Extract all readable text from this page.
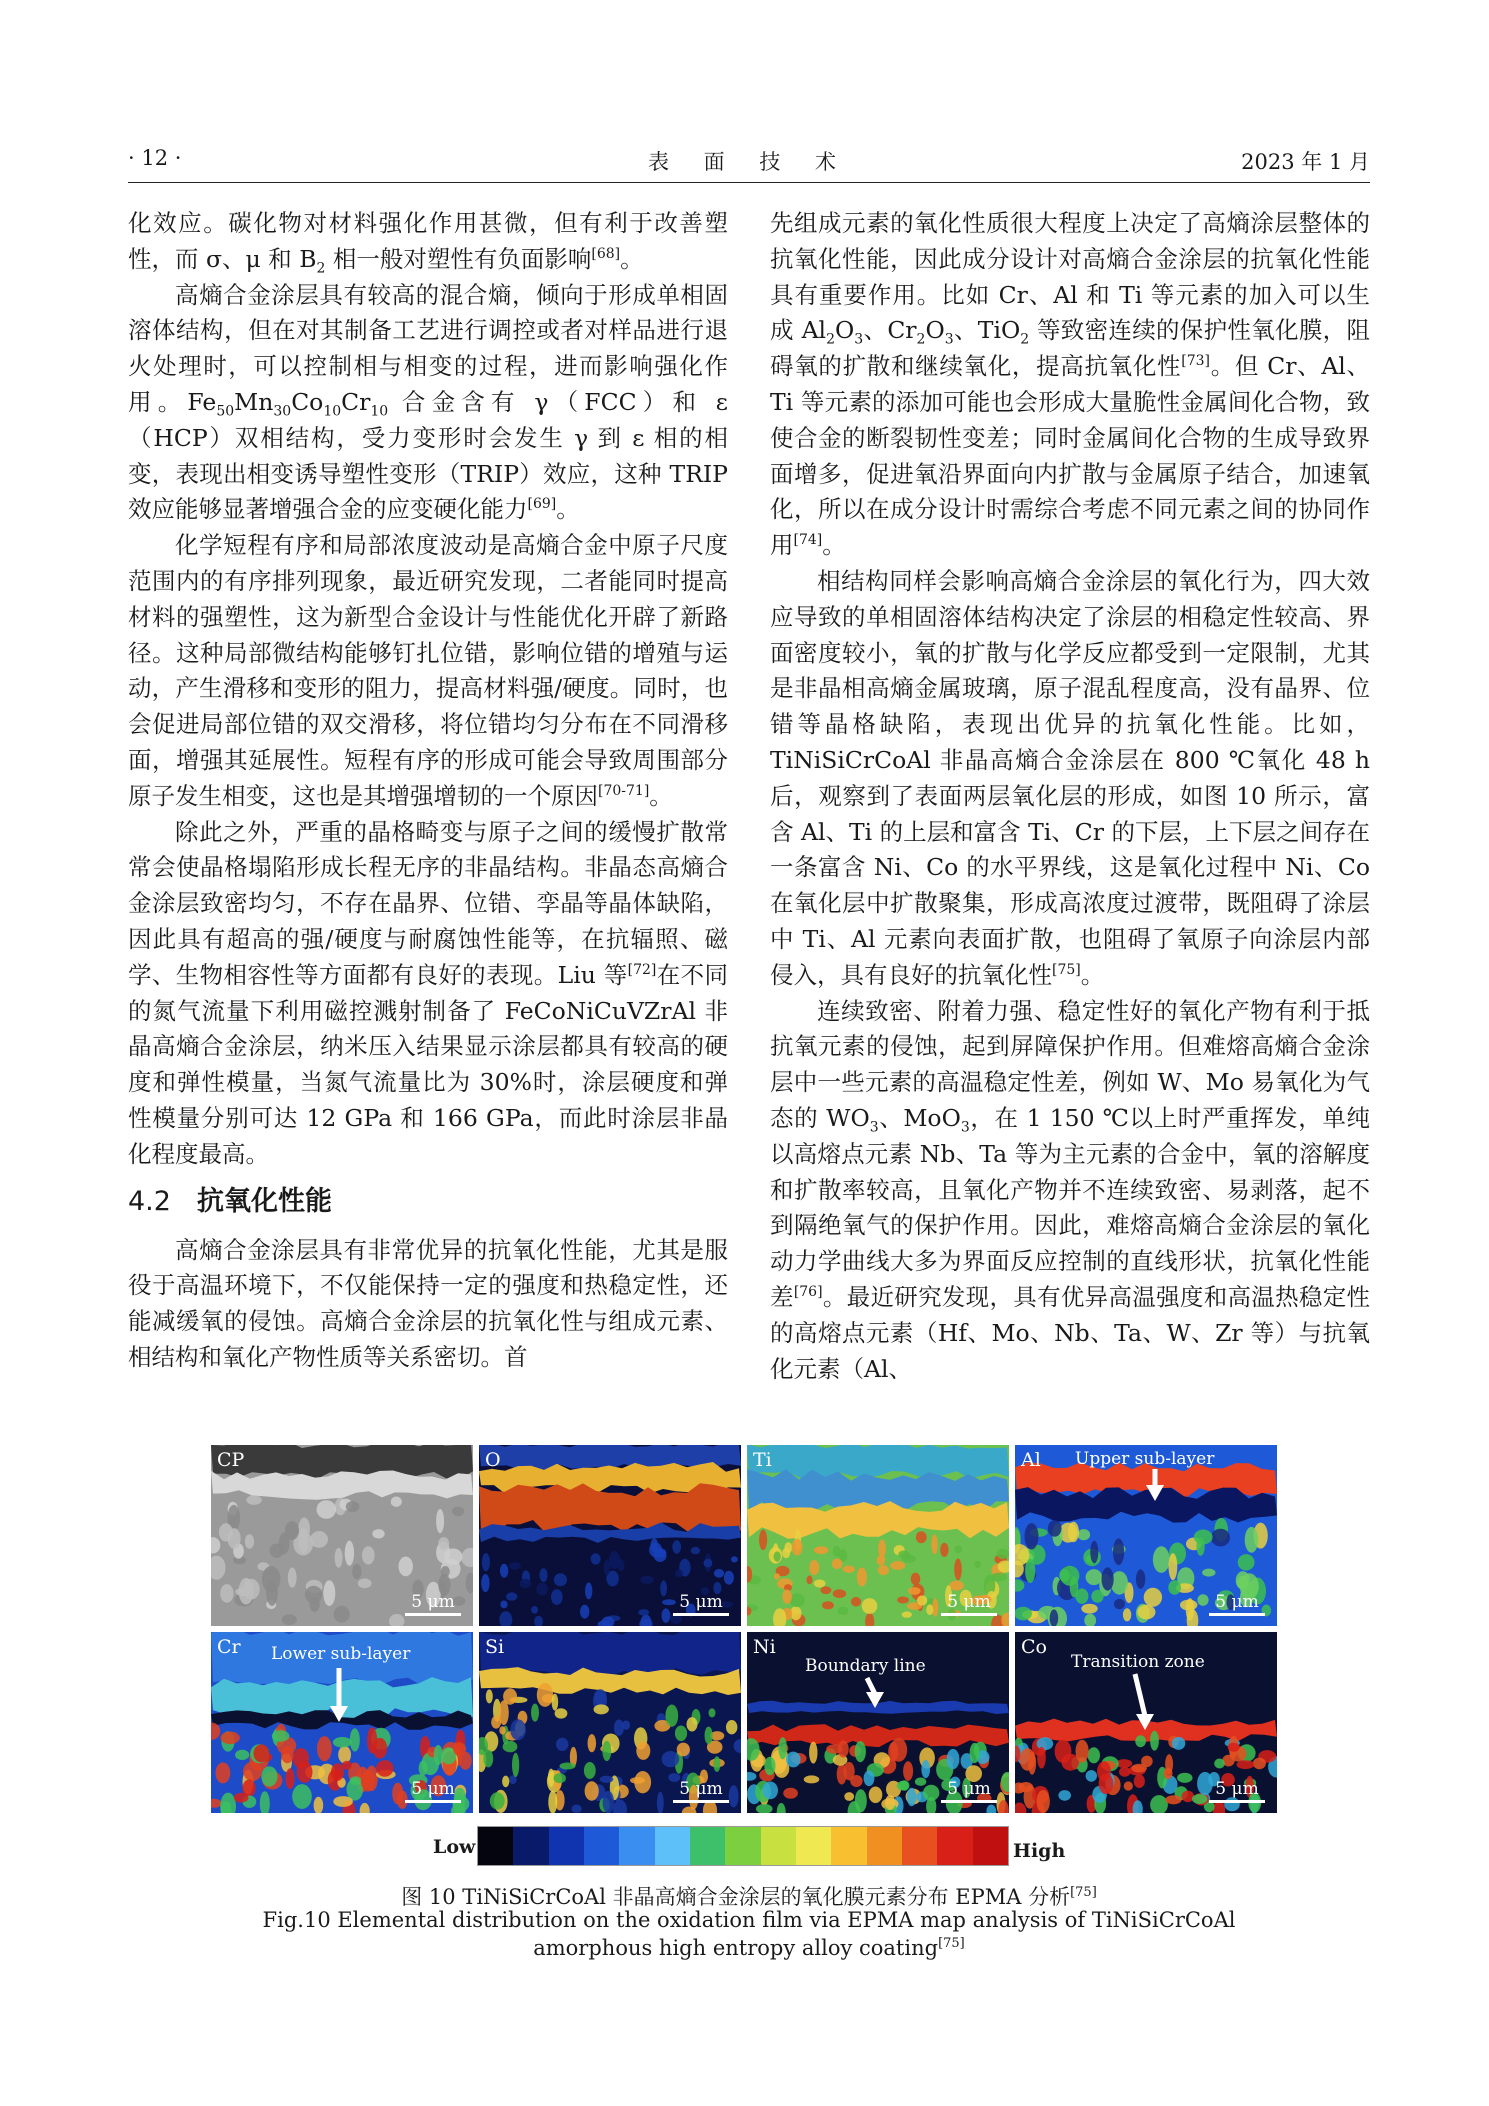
· 12 ·	表 面 技 术	2023 年 1 月

化效应。碳化物对材料强化作用甚微，但有利于改善塑性，而 σ、μ 和 $B_2$ 相一般对塑性有负面影响[68]。

高熵合金涂层具有较高的混合熵，倾向于形成单相固溶体结构，但在对其制备工艺进行调控或者对样品进行退火处理时，可以控制相与相变的过程，进而影响强化作用。$Fe_{50}Mn_{30}Co_{10}Cr_{10}$ 合金含有 γ（FCC）和 ε（HCP）双相结构，受力变形时会发生 γ 到 ε 相的相变，表现出相变诱导塑性变形（TRIP）效应，这种 TRIP 效应能够显著增强合金的应变硬化能力[69]。

化学短程有序和局部浓度波动是高熵合金中原子尺度范围内的有序排列现象，最近研究发现，二者能同时提高材料的强塑性，这为新型合金设计与性能优化开辟了新路径。这种局部微结构能够钉扎位错，影响位错的增殖与运动，产生滑移和变形的阻力，提高材料强/硬度。同时，也会促进局部位错的双交滑移，将位错均匀分布在不同滑移面，增强其延展性。短程有序的形成可能会导致周围部分原子发生相变，这也是其增强增韧的一个原因[70-71]。

除此之外，严重的晶格畸变与原子之间的缓慢扩散常常会使晶格塌陷形成长程无序的非晶结构。非晶态高熵合金涂层致密均匀，不存在晶界、位错、孪晶等晶体缺陷，因此具有超高的强/硬度与耐腐蚀性能等，在抗辐照、磁学、生物相容性等方面都有良好的表现。Liu 等[72]在不同的氮气流量下利用磁控溅射制备了 FeCoNiCuVZrAl 非晶高熵合金涂层，纳米压入结果显示涂层都具有较高的硬度和弹性模量，当氮气流量比为 30%时，涂层硬度和弹性模量分别可达 12 GPa 和 166 GPa，而此时涂层非晶化程度最高。

4.2 抗氧化性能

高熵合金涂层具有非常优异的抗氧化性能，尤其是服役于高温环境下，不仅能保持一定的强度和热稳定性，还能减缓氧的侵蚀。高熵合金涂层的抗氧化性与组成元素、相结构和氧化产物性质等关系密切。首

先组成元素的氧化性质很大程度上决定了高熵涂层整体的抗氧化性能，因此成分设计对高熵合金涂层的抗氧化性能具有重要作用。比如 Cr、Al 和 Ti 等元素的加入可以生成 $Al_2O_3$、$Cr_2O_3$、TiO$_2$ 等致密连续的保护性氧化膜，阻碍氧的扩散和继续氧化，提高抗氧化性[73]。但 Cr、Al、Ti 等元素的添加可能也会形成大量脆性金属间化合物，致使合金的断裂韧性变差；同时金属间化合物的生成导致界面增多，促进氧沿界面向内扩散与金属原子结合，加速氧化，所以在成分设计时需综合考虑不同元素之间的协同作用[74]。

相结构同样会影响高熵合金涂层的氧化行为，四大效应导致的单相固溶体结构决定了涂层的相稳定性较高、界面密度较小，氧的扩散与化学反应都受到一定限制，尤其是非晶相高熵金属玻璃，原子混乱程度高，没有晶界、位错等晶格缺陷，表现出优异的抗氧化性能。比如，TiNiSiCrCoAl 非晶高熵合金涂层在 800 ℃氧化 48 h 后，观察到了表面两层氧化层的形成，如图 10 所示，富含 Al、Ti 的上层和富含 Ti、Cr 的下层，上下层之间存在一条富含 Ni、Co 的水平界线，这是氧化过程中 Ni、Co 在氧化层中扩散聚集，形成高浓度过渡带，既阻碍了涂层中 Ti、Al 元素向表面扩散，也阻碍了氧原子向涂层内部侵入，具有良好的抗氧化性[75]。

连续致密、附着力强、稳定性好的氧化产物有利于抵抗氧元素的侵蚀，起到屏障保护作用。但难熔高熵合金涂层中一些元素的高温稳定性差，例如 W、Mo 易氧化为气态的 $WO_3$、MoO$_3$，在 1 150 ℃以上时严重挥发，单纯以高熔点元素 Nb、Ta 等为主元素的合金中，氧的溶解度和扩散率较高，且氧化产物并不连续致密、易剥落，起不到隔绝氧气的保护作用。因此，难熔高熵合金涂层的氧化动力学曲线大多为界面反应控制的直线形状，抗氧化性能差[76]。最近研究发现，具有优异高温强度和高温热稳定性的高熔点元素（Hf、Mo、Nb、Ta、W、Zr 等）与抗氧化元素（Al、

CP
5 μm
O
5 μm
Ti
5 μm
Al Upper sub-layer
5 μm
Cr Lower sub-layer
5 μm
Si
5 μm
Ni
Boundary line
5 μm
Co
Transition zone
5 μm
Low	High
图 10 TiNiSiCrCoAl 非晶高熵合金涂层的氧化膜元素分布 EPMA 分析[75]
Fig.10 Elemental distribution on the oxidation film via EPMA map analysis of TiNiSiCrCoAl
amorphous high entropy alloy coating[75]
